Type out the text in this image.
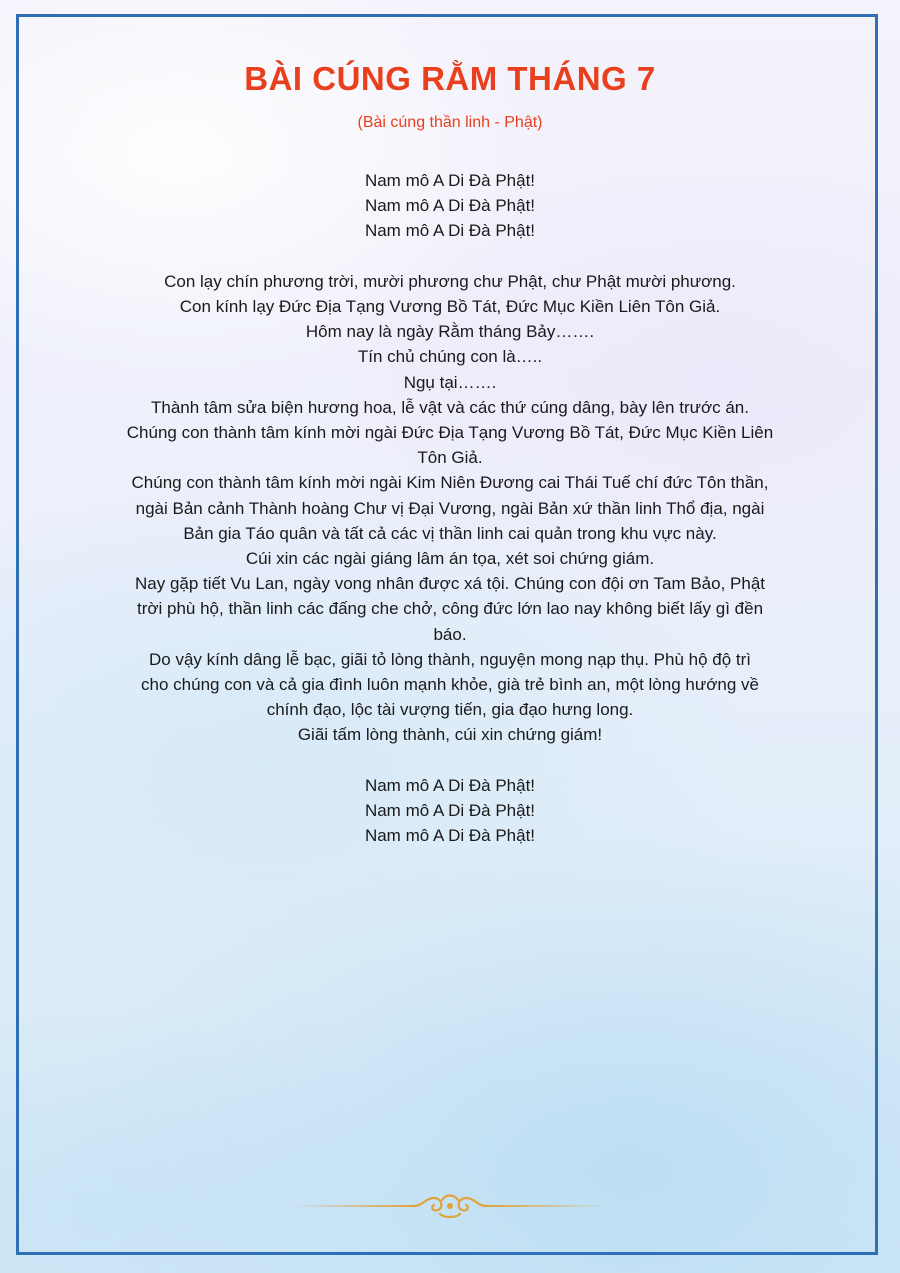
BÀI CÚNG RẰM THÁNG 7

(Bài cúng thần linh - Phật)

Nam mô A Di Đà Phật!
Nam mô A Di Đà Phật!
Nam mô A Di Đà Phật!
Con lạy chín phương trời, mười phương chư Phật, chư Phật mười phương.
Con kính lạy Đức Địa Tạng Vương Bồ Tát, Đức Mục Kiền Liên Tôn Giả.
Hôm nay là ngày Rằm tháng Bảy…….
Tín chủ chúng con là…..
Ngụ tại…….
Thành tâm sửa biện hương hoa, lễ vật và các thứ cúng dâng, bày lên trước án.
Chúng con thành tâm kính mời ngài Đức Địa Tạng Vương Bồ Tát, Đức Mục Kiền Liên
Tôn Giả.
Chúng con thành tâm kính mời ngài Kim Niên Đương cai Thái Tuế chí đức Tôn thần,
ngài Bản cảnh Thành hoàng Chư vị Đại Vương, ngài Bản xứ thần linh Thổ địa, ngài
Bản gia Táo quân và tất cả các vị thần linh cai quản trong khu vực này.
Cúi xin các ngài giáng lâm án tọa, xét soi chứng giám.
Nay gặp tiết Vu Lan, ngày vong nhân được xá tội. Chúng con đội ơn Tam Bảo, Phật
trời phù hộ, thần linh các đấng che chở, công đức lớn lao nay không biết lấy gì đền
báo.
Do vậy kính dâng lễ bạc, giãi tỏ lòng thành, nguyện mong nạp thụ. Phù hộ độ trì
cho chúng con và cả gia đình luôn mạnh khỏe, già trẻ bình an, một lòng hướng về
chính đạo, lộc tài vượng tiến, gia đạo hưng long.
Giãi tấm lòng thành, cúi xin chứng giám!
Nam mô A Di Đà Phật!
Nam mô A Di Đà Phật!
Nam mô A Di Đà Phật!
